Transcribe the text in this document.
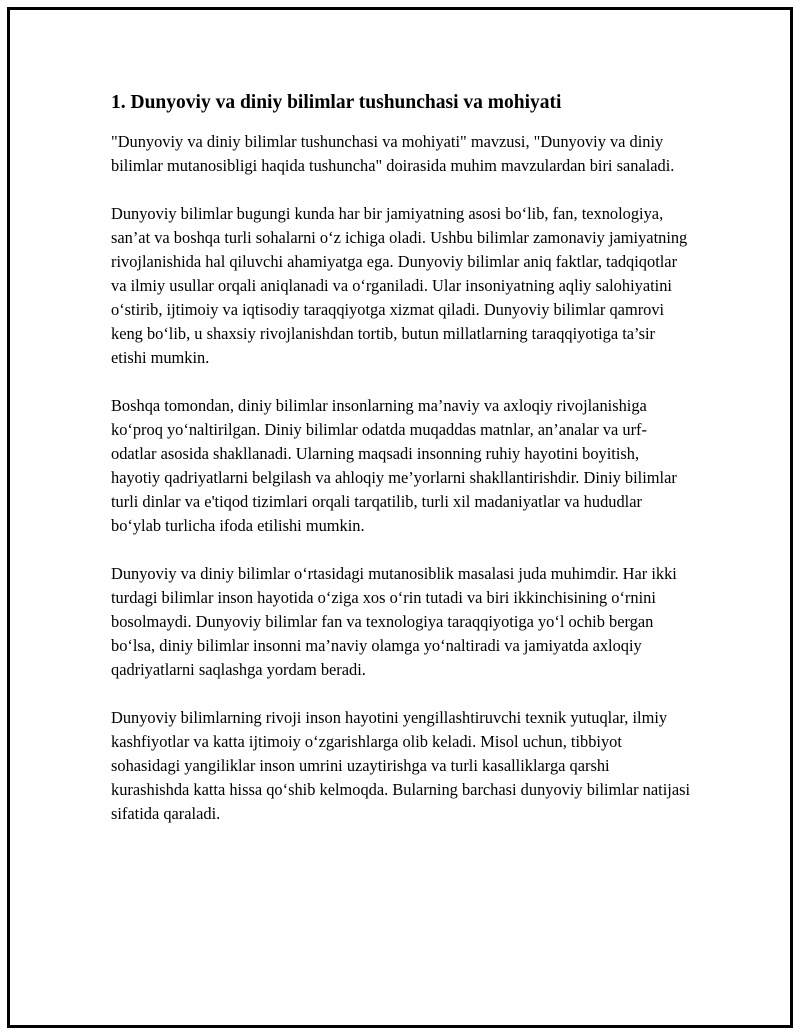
1. Dunyoviy va diniy bilimlar tushunchasi va mohiyati

"Dunyoviy va diniy bilimlar tushunchasi va mohiyati" mavzusi, "Dunyoviy va diniy bilimlar mutanosibligi haqida tushuncha" doirasida muhim mavzulardan biri sanaladi.

Dunyoviy bilimlar bugungi kunda har bir jamiyatning asosi bo‘lib, fan, texnologiya, san’at va boshqa turli sohalarni o‘z ichiga oladi. Ushbu bilimlar zamonaviy jamiyatning rivojlanishida hal qiluvchi ahamiyatga ega. Dunyoviy bilimlar aniq faktlar, tadqiqotlar va ilmiy usullar orqali aniqlanadi va o‘rganiladi. Ular insoniyatning aqliy salohiyatini o‘stirib, ijtimoiy va iqtisodiy taraqqiyotga xizmat qiladi. Dunyoviy bilimlar qamrovi keng bo‘lib, u shaxsiy rivojlanishdan tortib, butun millatlarning taraqqiyotiga ta’sir etishi mumkin.

Boshqa tomondan, diniy bilimlar insonlarning ma’naviy va axloqiy rivojlanishiga ko‘proq yo‘naltirilgan. Diniy bilimlar odatda muqaddas matnlar, an’analar va urf-odatlar asosida shakllanadi. Ularning maqsadi insonning ruhiy hayotini boyitish, hayotiy qadriyatlarni belgilash va ahloqiy me’yorlarni shakllantirishdir. Diniy bilimlar turli dinlar va e'tiqod tizimlari orqali tarqatilib, turli xil madaniyatlar va hududlar bo‘ylab turlicha ifoda etilishi mumkin.

Dunyoviy va diniy bilimlar o‘rtasidagi mutanosiblik masalasi juda muhimdir. Har ikki turdagi bilimlar inson hayotida o‘ziga xos o‘rin tutadi va biri ikkinchisining o‘rnini bosolmaydi. Dunyoviy bilimlar fan va texnologiya taraqqiyotiga yo‘l ochib bergan bo‘lsa, diniy bilimlar insonni ma’naviy olamga yo‘naltiradi va jamiyatda axloqiy qadriyatlarni saqlashga yordam beradi.

Dunyoviy bilimlarning rivoji inson hayotini yengillashtiruvchi texnik yutuqlar, ilmiy kashfiyotlar va katta ijtimoiy o‘zgarishlarga olib keladi. Misol uchun, tibbiyot sohasidagi yangiliklar inson umrini uzaytirishga va turli kasalliklarga qarshi kurashishda katta hissa qo‘shib kelmoqda. Bularning barchasi dunyoviy bilimlar natijasi sifatida qaraladi.
